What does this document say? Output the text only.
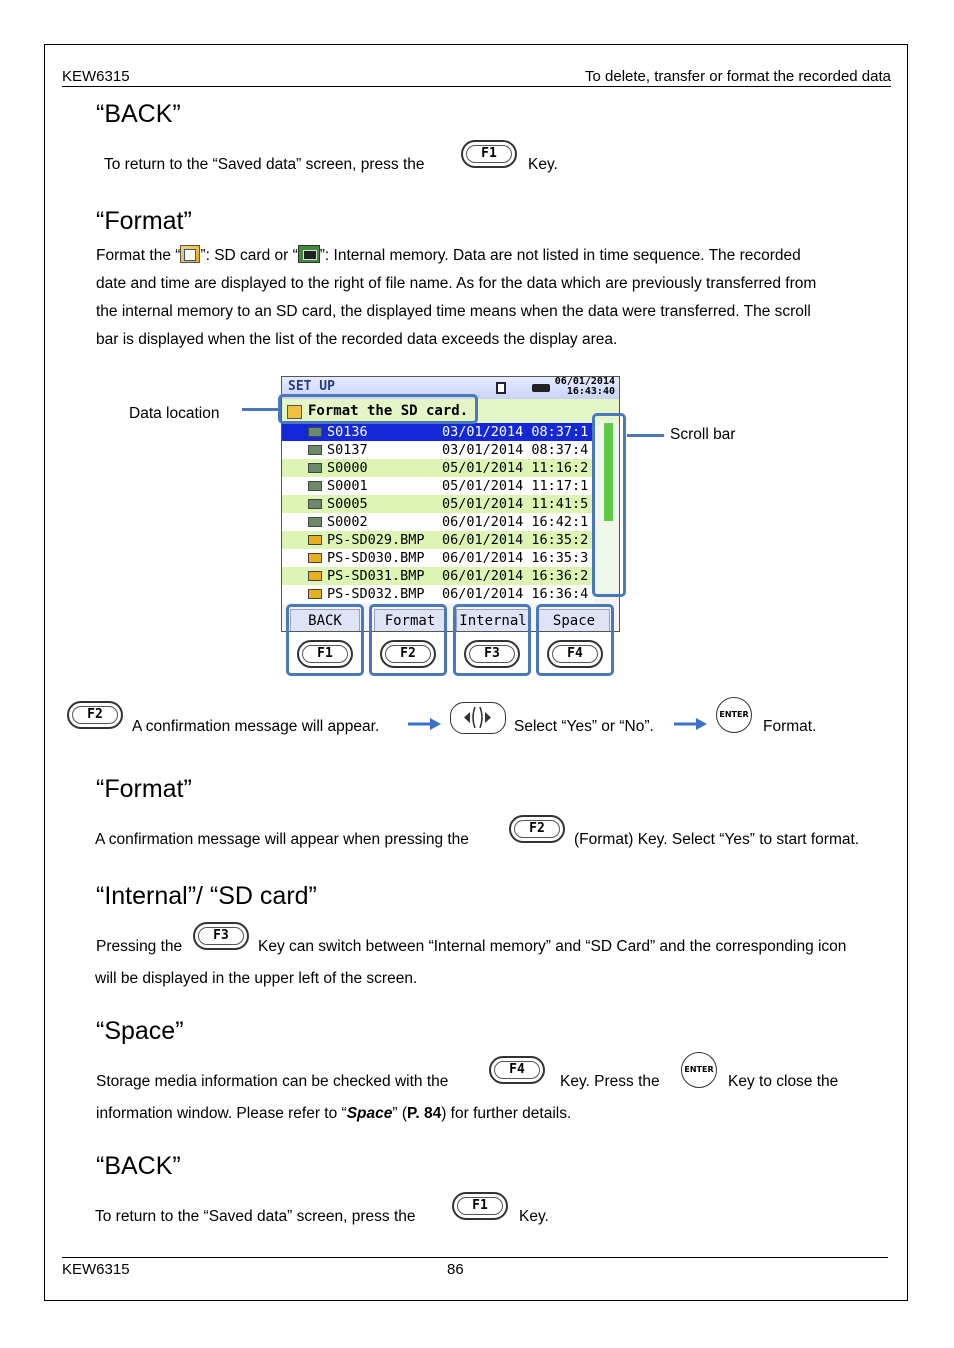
KEW6315	To delete, transfer or format the recorded data
“BACK”
To return to the “Saved data” screen, press the
F1
Key.
“Format”
Format the “ ”: SD card or “ ”: Internal memory. Data are not listed in time sequence. The recorded
date and time are displayed to the right of file name. As for the data which are previously transferred from
the internal memory to an SD card, the displayed time means when the data were transferred. The scroll
bar is displayed when the list of the recorded data exceeds the display area.
Data location
Scroll bar
SET UP	06/01/2014
16:43:40
Format the SD card.
S0136	03/01/2014 08:37:1
S0137	03/01/2014 08:37:4
S0000	05/01/2014 11:16:2
S0001	05/01/2014 11:17:1
S0005	05/01/2014 11:41:5
S0002	06/01/2014 16:42:1
PS-SD029.BMP 06/01/2014 16:35:2
PS-SD030.BMP 06/01/2014 16:35:3
PS-SD031.BMP 06/01/2014 16:36:2
PS-SD032.BMP 06/01/2014 16:36:4
BACK	Format	Internal	Space
F1	F2	F3	F4
F2
A confirmation message will appear.	Select “Yes” or “No”.
ENTER
Format.
“Format”
A confirmation message will appear when pressing the
F2
(Format) Key. Select “Yes” to start format.
“Internal”/ “SD card”
Pressing the
F3
Key can switch between “Internal memory” and “SD Card” and the corresponding icon
will be displayed in the upper left of the screen.
“Space”
Storage media information can be checked with the
F4
Key. Press the
ENTER
Key to close the
information window. Please refer to “Space” (P. 84) for further details.
“BACK”
To return to the “Saved data” screen, press the
F1
Key.
KEW6315	86
